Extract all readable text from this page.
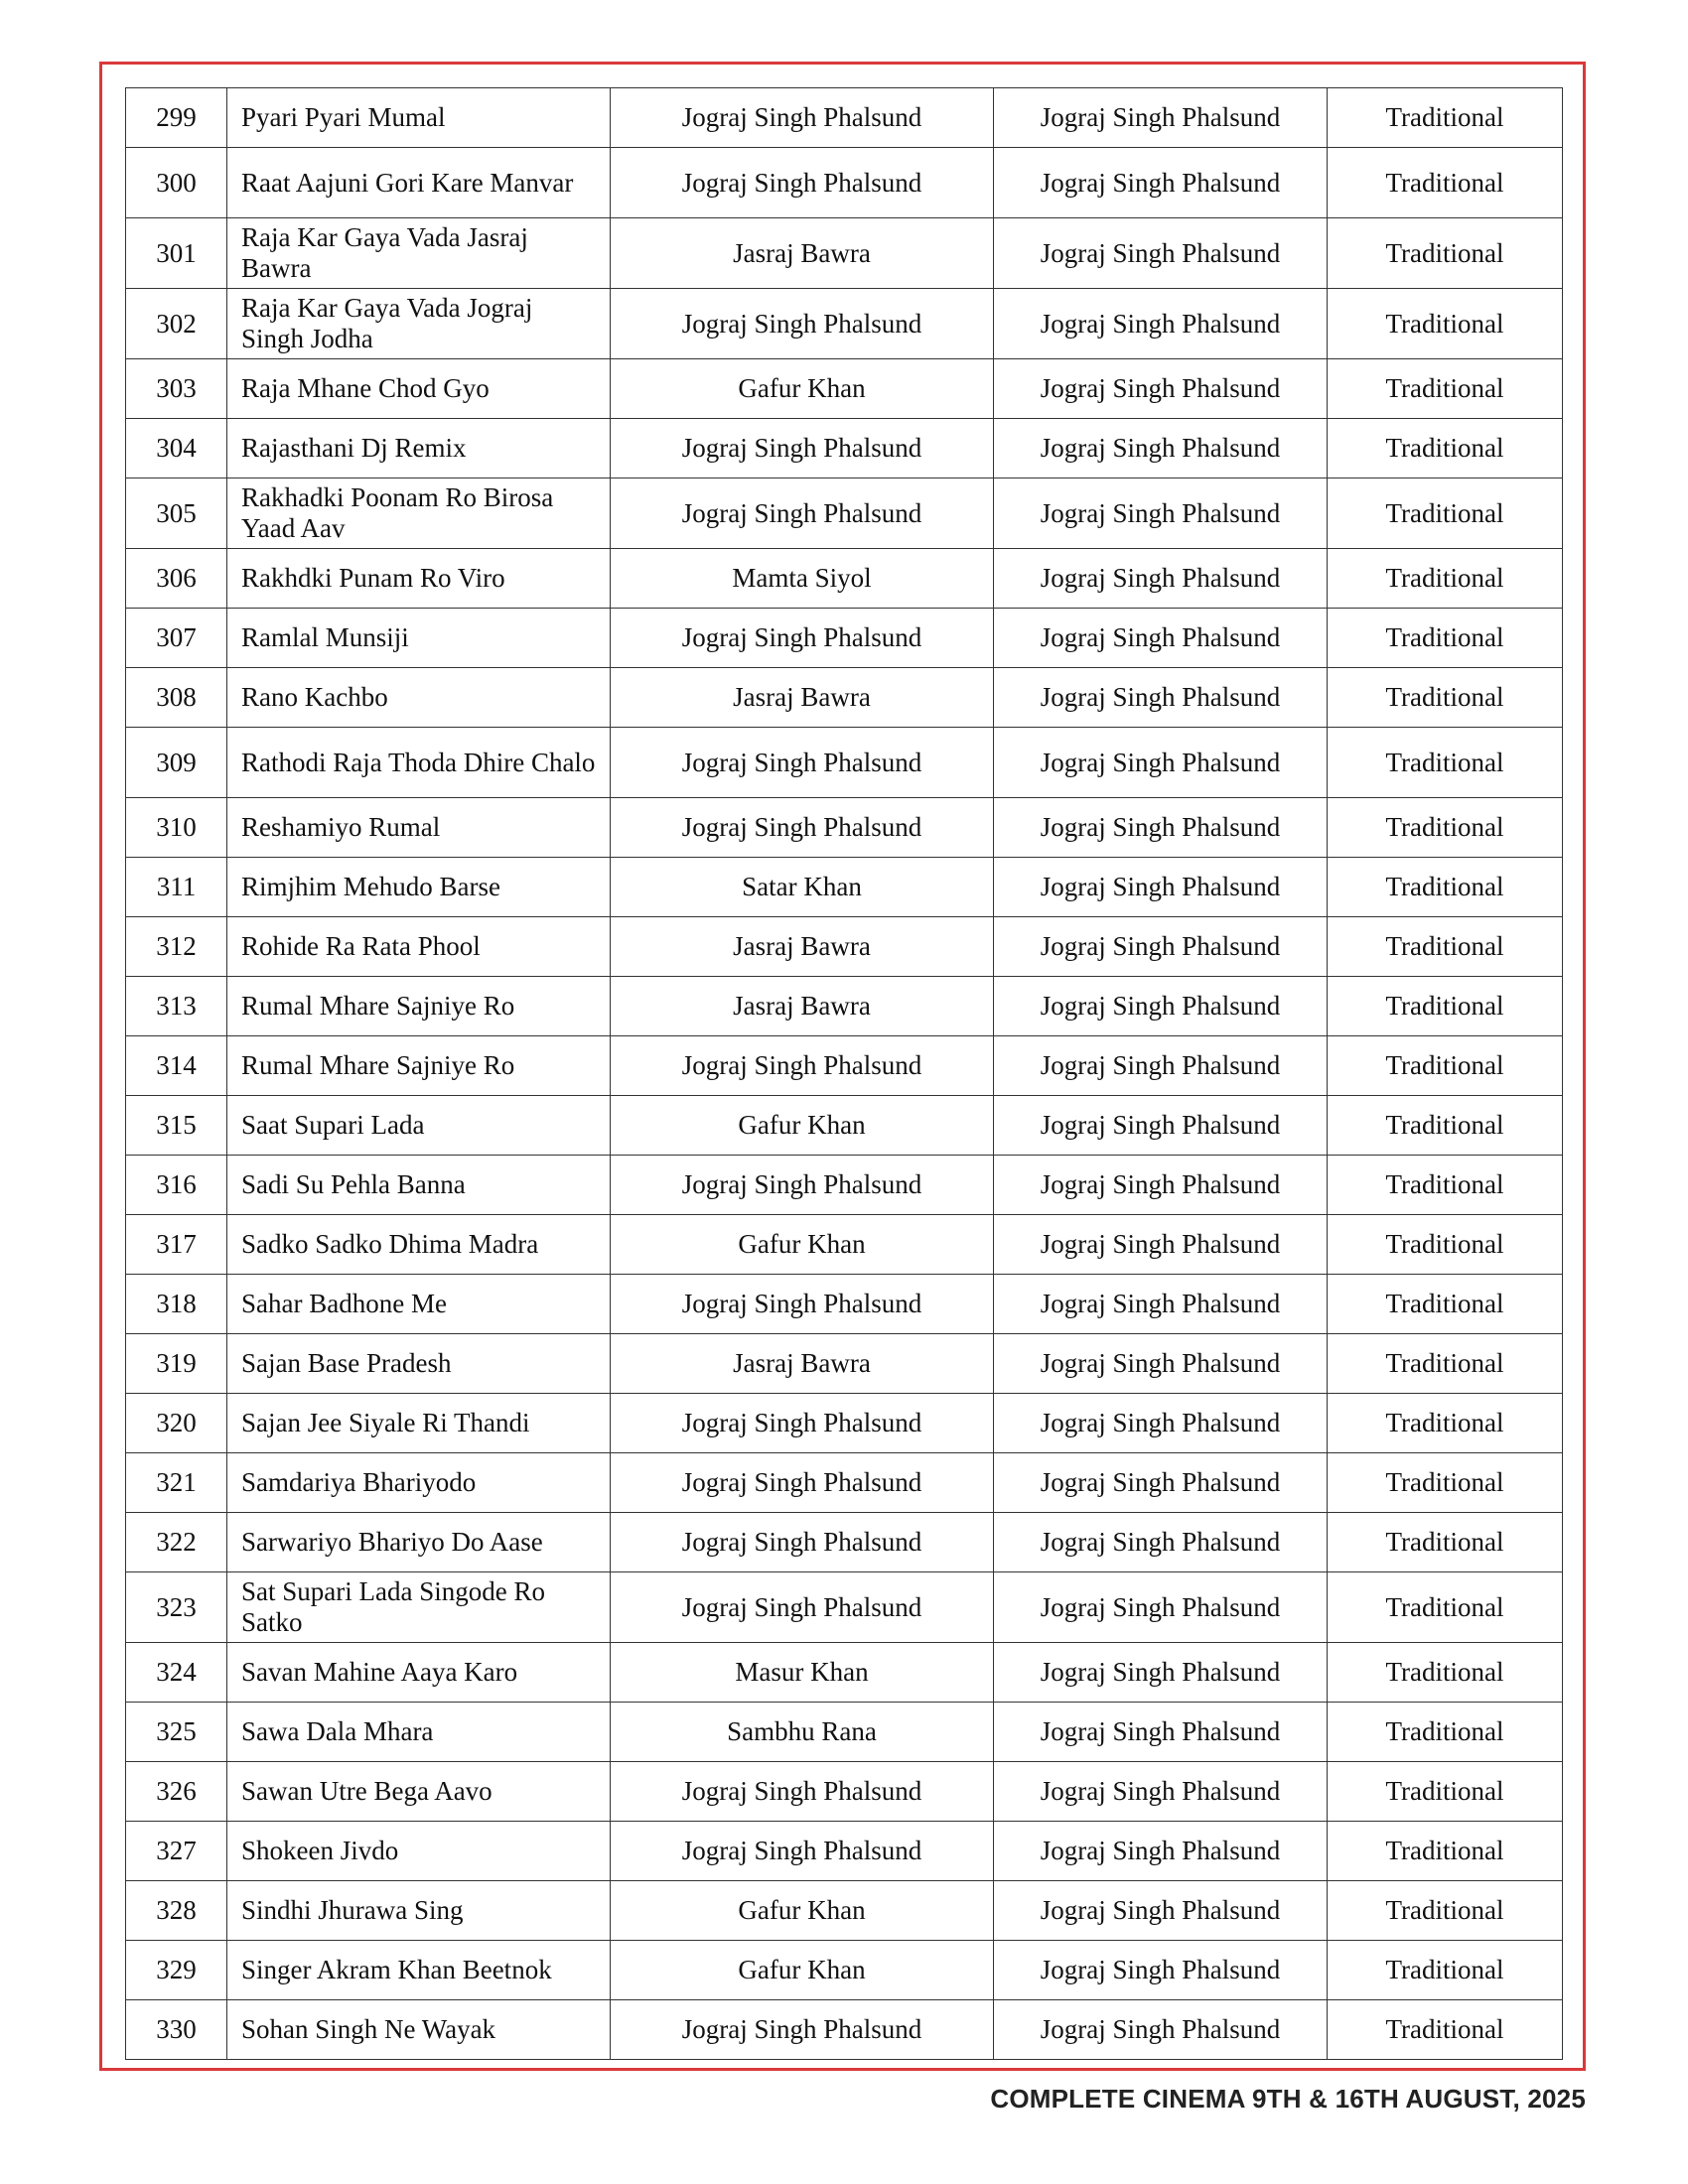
299	Pyari Pyari Mumal	Jograj Singh Phalsund	Jograj Singh Phalsund	Traditional
300	Raat Aajuni Gori Kare Manvar	Jograj Singh Phalsund	Jograj Singh Phalsund	Traditional
301	Raja Kar Gaya Vada Jasraj Bawra	Jasraj Bawra	Jograj Singh Phalsund	Traditional
302	Raja Kar Gaya Vada Jograj Singh Jodha	Jograj Singh Phalsund	Jograj Singh Phalsund	Traditional
303	Raja Mhane Chod Gyo	Gafur Khan	Jograj Singh Phalsund	Traditional
304	Rajasthani Dj Remix	Jograj Singh Phalsund	Jograj Singh Phalsund	Traditional
305	Rakhadki Poonam Ro Birosa Yaad Aav	Jograj Singh Phalsund	Jograj Singh Phalsund	Traditional
306	Rakhdki Punam Ro Viro	Mamta Siyol	Jograj Singh Phalsund	Traditional
307	Ramlal Munsiji	Jograj Singh Phalsund	Jograj Singh Phalsund	Traditional
308	Rano Kachbo	Jasraj Bawra	Jograj Singh Phalsund	Traditional
309	Rathodi Raja Thoda Dhire Chalo	Jograj Singh Phalsund	Jograj Singh Phalsund	Traditional
310	Reshamiyo Rumal	Jograj Singh Phalsund	Jograj Singh Phalsund	Traditional
311	Rimjhim Mehudo Barse	Satar Khan	Jograj Singh Phalsund	Traditional
312	Rohide Ra Rata Phool	Jasraj Bawra	Jograj Singh Phalsund	Traditional
313	Rumal Mhare Sajniye Ro	Jasraj Bawra	Jograj Singh Phalsund	Traditional
314	Rumal Mhare Sajniye Ro	Jograj Singh Phalsund	Jograj Singh Phalsund	Traditional
315	Saat Supari Lada	Gafur Khan	Jograj Singh Phalsund	Traditional
316	Sadi Su Pehla Banna	Jograj Singh Phalsund	Jograj Singh Phalsund	Traditional
317	Sadko Sadko Dhima Madra	Gafur Khan	Jograj Singh Phalsund	Traditional
318	Sahar Badhone Me	Jograj Singh Phalsund	Jograj Singh Phalsund	Traditional
319	Sajan Base Pradesh	Jasraj Bawra	Jograj Singh Phalsund	Traditional
320	Sajan Jee Siyale Ri Thandi	Jograj Singh Phalsund	Jograj Singh Phalsund	Traditional
321	Samdariya Bhariyodo	Jograj Singh Phalsund	Jograj Singh Phalsund	Traditional
322	Sarwariyo Bhariyo Do Aase	Jograj Singh Phalsund	Jograj Singh Phalsund	Traditional
323	Sat Supari Lada Singode Ro Satko	Jograj Singh Phalsund	Jograj Singh Phalsund	Traditional
324	Savan Mahine Aaya Karo	Masur Khan	Jograj Singh Phalsund	Traditional
325	Sawa Dala Mhara	Sambhu Rana	Jograj Singh Phalsund	Traditional
326	Sawan Utre Bega Aavo	Jograj Singh Phalsund	Jograj Singh Phalsund	Traditional
327	Shokeen Jivdo	Jograj Singh Phalsund	Jograj Singh Phalsund	Traditional
328	Sindhi Jhurawa Sing	Gafur Khan	Jograj Singh Phalsund	Traditional
329	Singer Akram Khan Beetnok	Gafur Khan	Jograj Singh Phalsund	Traditional
330	Sohan Singh Ne Wayak	Jograj Singh Phalsund	Jograj Singh Phalsund	Traditional
COMPLETE CINEMA 9TH & 16TH AUGUST, 2025
